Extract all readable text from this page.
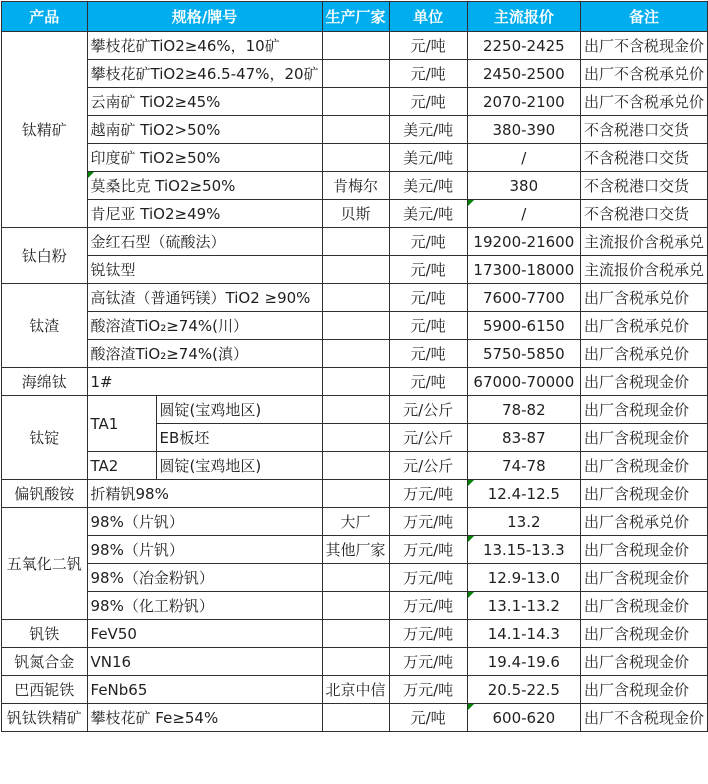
产品	规格/牌号		生产厂家	单位	主流报价	备注
钛精矿	攀枝花矿TiO2≥46%，10矿			元/吨	2250-2425	出厂不含税现金价
	攀枝花矿TiO2≥46.5-47%，20矿			元/吨	2450-2500	出厂不含税承兑价
	云南矿 TiO2≥45%			元/吨	2070-2100	出厂不含税承兑价
	越南矿 TiO2>50%			美元/吨	380-390	不含税港口交货
	印度矿 TiO2≥50%			美元/吨	/	不含税港口交货
	莫桑比克 TiO2≥50%		肯梅尔	美元/吨	380	不含税港口交货
	肯尼亚 TiO2≥49%		贝斯	美元/吨	/	不含税港口交货
钛白粉	金红石型（硫酸法）			元/吨	19200-21600	主流报价含税承兑
	锐钛型			元/吨	17300-18000	主流报价含税承兑
钛渣	高钛渣（普通钙镁）TiO2 ≥90%			元/吨	7600-7700	出厂含税承兑价
	酸溶渣TiO₂≥74%(川）			元/吨	5900-6150	出厂含税承兑价
	酸溶渣TiO₂≥74%(滇）			元/吨	5750-5850	出厂含税承兑价
海绵钛	1#			元/吨	67000-70000	出厂含税现金价
钛锭	TA1	圆锭(宝鸡地区)		元/公斤	78-82	出厂含税现金价
		EB板坯		元/公斤	83-87	出厂含税现金价
	TA2	圆锭(宝鸡地区)		元/公斤	74-78	出厂含税现金价
偏钒酸铵	折精钒98%			万元/吨	12.4-12.5	出厂含税现金价
五氧化二钒	98%（片钒）		大厂	万元/吨	13.2	出厂含税承兑价
	98%（片钒）		其他厂家	万元/吨	13.15-13.3	出厂含税现金价
	98%（冶金粉钒）			万元/吨	12.9-13.0	出厂含税现金价
	98%（化工粉钒）			万元/吨	13.1-13.2	出厂含税现金价
钒铁	FeV50			万元/吨	14.1-14.3	出厂含税现金价
钒氮合金	VN16			万元/吨	19.4-19.6	出厂含税现金价
巴西铌铁	FeNb65		北京中信	万元/吨	20.5-22.5	出厂含税现金价
钒钛铁精矿	攀枝花矿 Fe≥54%			元/吨	600-620	出厂不含税现金价
